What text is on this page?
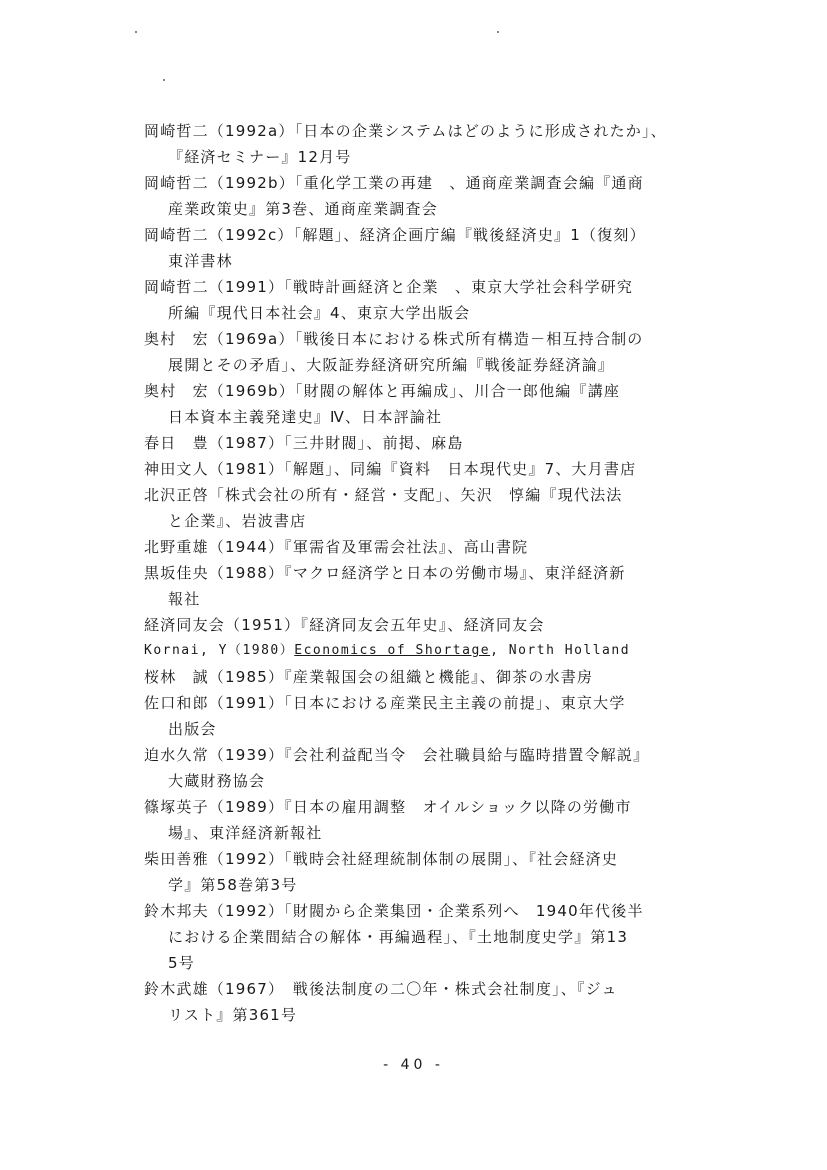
岡崎哲二（1992a）「日本の企業システムはどのように形成されたか」、
『経済セミナー』12月号

岡崎哲二（1992b）「重化学工業の再建　、通商産業調査会編『通商
産業政策史』第3巻、通商産業調査会

岡崎哲二（1992c）「解題」、経済企画庁編『戦後経済史』1（復刻）
東洋書林

岡崎哲二（1991）「戦時計画経済と企業　、東京大学社会科学研究
所編『現代日本社会』4、東京大学出版会

奥村　宏（1969a）「戦後日本における株式所有構造－相互持合制の
展開とその矛盾」、大阪証券経済研究所編『戦後証券経済論』

奥村　宏（1969b）「財閥の解体と再編成」、川合一郎他編『講座
日本資本主義発達史』Ⅳ、日本評論社

春日　豊（1987）「三井財閥」、前掲、麻島

神田文人（1981）「解題」、同編『資料　日本現代史』7、大月書店

北沢正啓「株式会社の所有・経営・支配」、矢沢　惇編『現代法法
と企業』、岩波書店

北野重雄（1944）『軍需省及軍需会社法』、高山書院

黒坂佳央（1988）『マクロ経済学と日本の労働市場』、東洋経済新
報社

経済同友会（1951）『経済同友会五年史』、経済同友会

Kornai, Y（1980）Economics of Shortage, North Holland

桜林　誠（1985）『産業報国会の組織と機能』、御茶の水書房

佐口和郎（1991）「日本における産業民主主義の前提」、東京大学
出版会

迫水久常（1939）『会社利益配当令　会社職員給与臨時措置令解説』
大蔵財務協会

篠塚英子（1989）『日本の雇用調整　オイルショック以降の労働市
場』、東洋経済新報社

柴田善雅（1992）「戦時会社経理統制体制の展開」、『社会経済史
学』第58巻第3号

鈴木邦夫（1992）「財閥から企業集団・企業系列へ　1940年代後半
における企業間結合の解体・再編過程」、『土地制度史学』第13
5号

鈴木武雄（1967）　戦後法制度の二〇年・株式会社制度」、『ジュ
リスト』第361号

- 40 -
